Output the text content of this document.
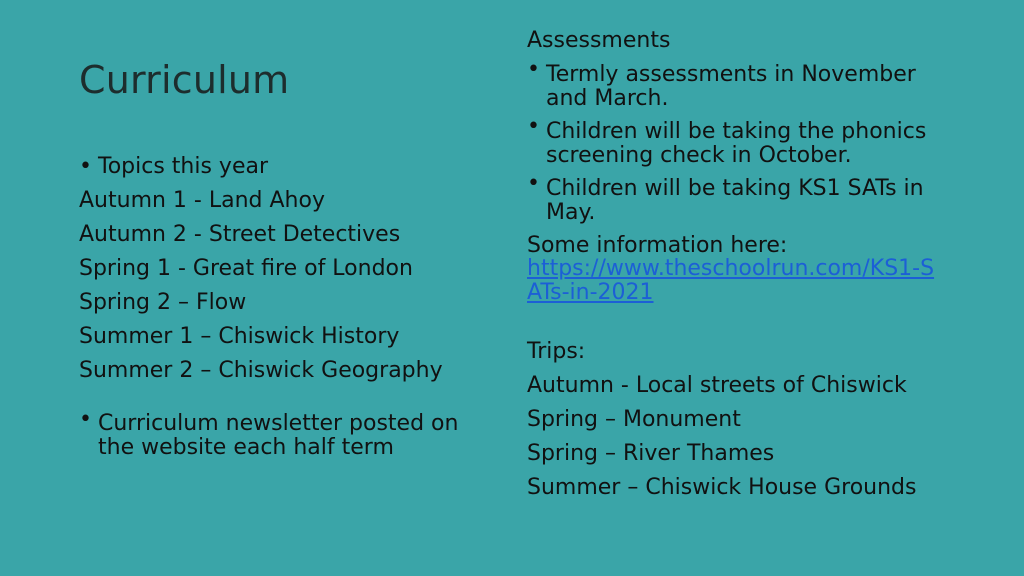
Curriculum
• Topics this year
Autumn 1 - Land Ahoy
Autumn 2 - Street Detectives
Spring 1 - Great fire of London
Spring 2 – Flow
Summer 1 – Chiswick History
Summer 2 – Chiswick Geography
• Curriculum newsletter posted on the website each half term
Assessments
• Termly assessments in November and March.
• Children will be taking the phonics screening check in October.
• Children will be taking KS1 SATs in May.
Some information here:
https://www.theschoolrun.com/KS1-SATs-in-2021
Trips:
Autumn - Local streets of Chiswick
Spring – Monument
Spring – River Thames
Summer – Chiswick House Grounds
